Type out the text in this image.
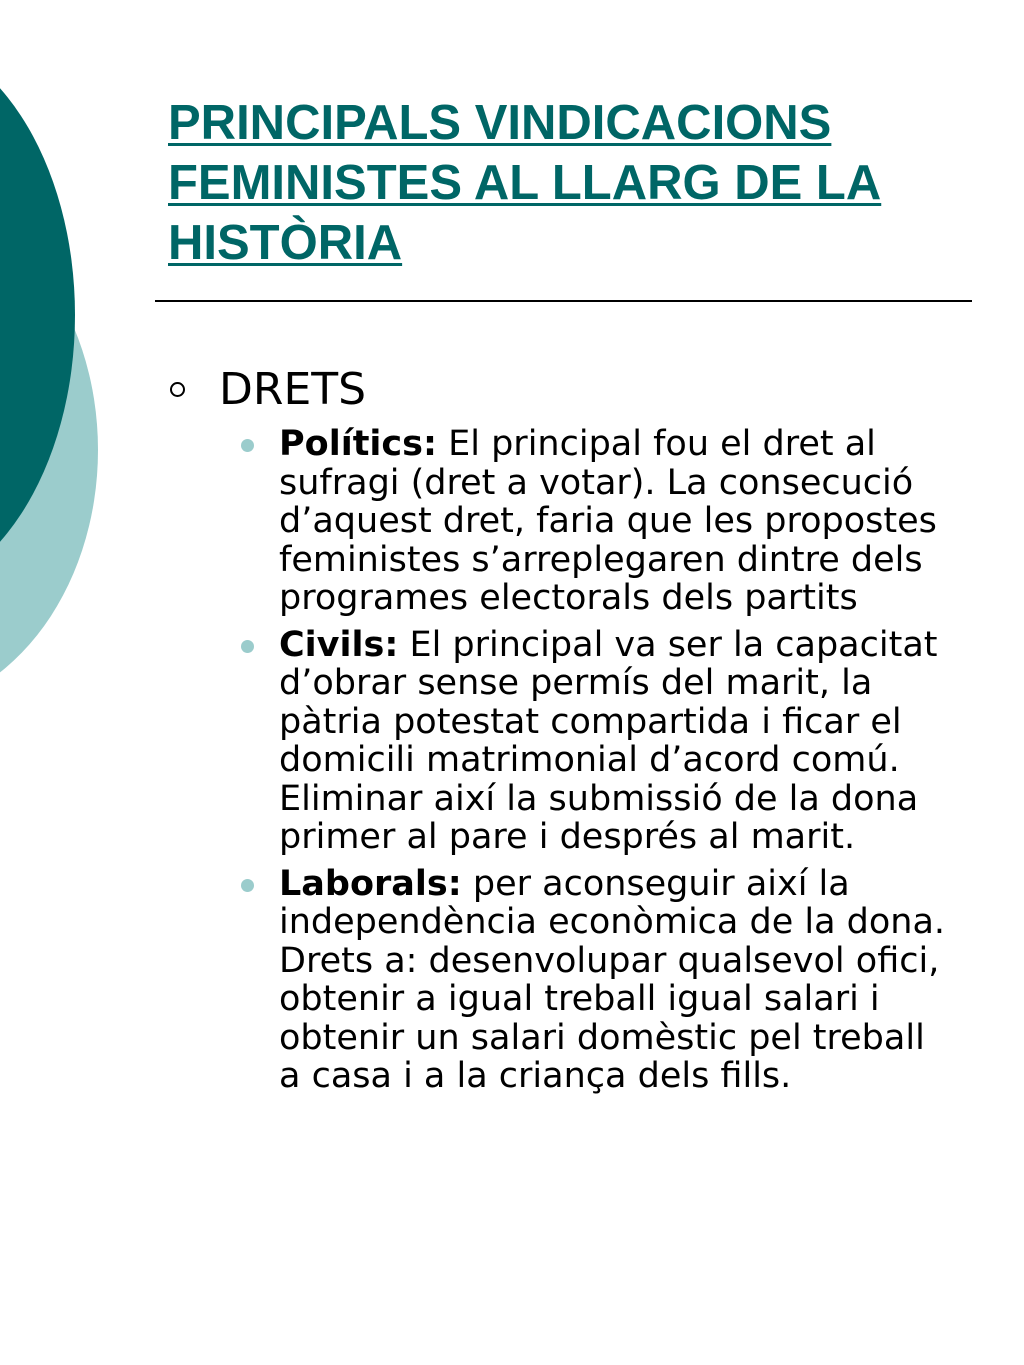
PRINCIPALS VINDICACIONS FEMINISTES AL LLARG DE LA HISTÒRIA
DRETS
Polítics: El principal fou el dret al sufragi (dret a votar). La consecució d’aquest dret, faria que les propostes feministes s’arreplegaren dintre dels programes electorals dels partits
Civils: El principal va ser la capacitat d’obrar sense permís del marit, la pàtria potestat compartida i ficar el domicili matrimonial d’acord comú. Eliminar així la submissió de la dona primer al pare i després al marit.
Laborals: per aconseguir així la independència econòmica de la dona. Drets a: desenvolupar qualsevol ofici, obtenir a igual treball igual salari i obtenir un salari domèstic pel treball a casa i a la criança dels fills.
